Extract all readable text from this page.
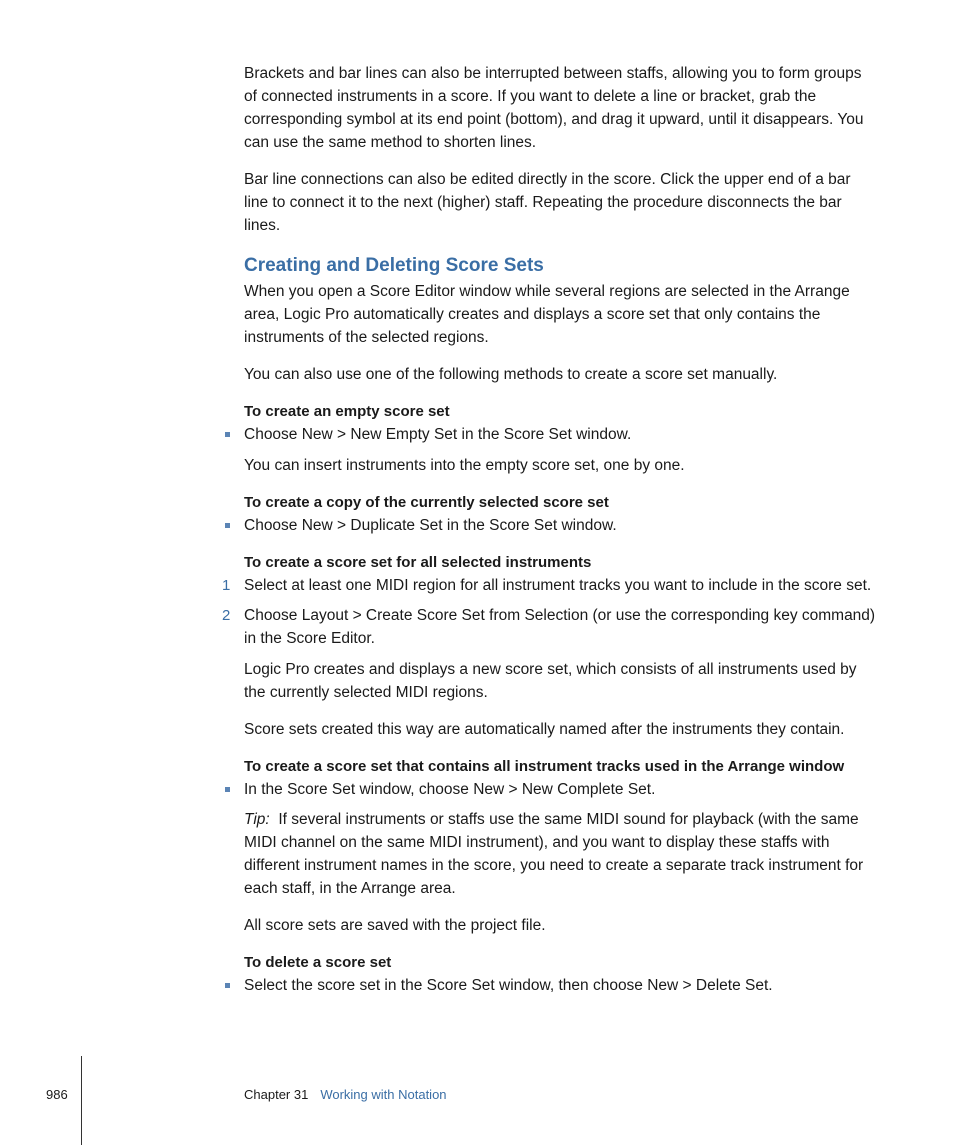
Brackets and bar lines can also be interrupted between staffs, allowing you to form groups of connected instruments in a score. If you want to delete a line or bracket, grab the corresponding symbol at its end point (bottom), and drag it upward, until it disappears. You can use the same method to shorten lines.

Bar line connections can also be edited directly in the score. Click the upper end of a bar line to connect it to the next (higher) staff. Repeating the procedure disconnects the bar lines.

Creating and Deleting Score Sets

When you open a Score Editor window while several regions are selected in the Arrange area, Logic Pro automatically creates and displays a score set that only contains the instruments of the selected regions.

You can also use one of the following methods to create a score set manually.

To create an empty score set

Choose New > New Empty Set in the Score Set window.

You can insert instruments into the empty score set, one by one.

To create a copy of the currently selected score set

Choose New > Duplicate Set in the Score Set window.

To create a score set for all selected instruments

1 Select at least one MIDI region for all instrument tracks you want to include in the score set.
2 Choose Layout > Create Score Set from Selection (or use the corresponding key command) in the Score Editor.

Logic Pro creates and displays a new score set, which consists of all instruments used by the currently selected MIDI regions.

Score sets created this way are automatically named after the instruments they contain.

To create a score set that contains all instrument tracks used in the Arrange window

In the Score Set window, choose New > New Complete Set.

Tip: If several instruments or staffs use the same MIDI sound for playback (with the same MIDI channel on the same MIDI instrument), and you want to display these staffs with different instrument names in the score, you need to create a separate track instrument for each staff, in the Arrange area.

All score sets are saved with the project file.

To delete a score set

Select the score set in the Score Set window, then choose New > Delete Set.
986	Chapter 31 Working with Notation
